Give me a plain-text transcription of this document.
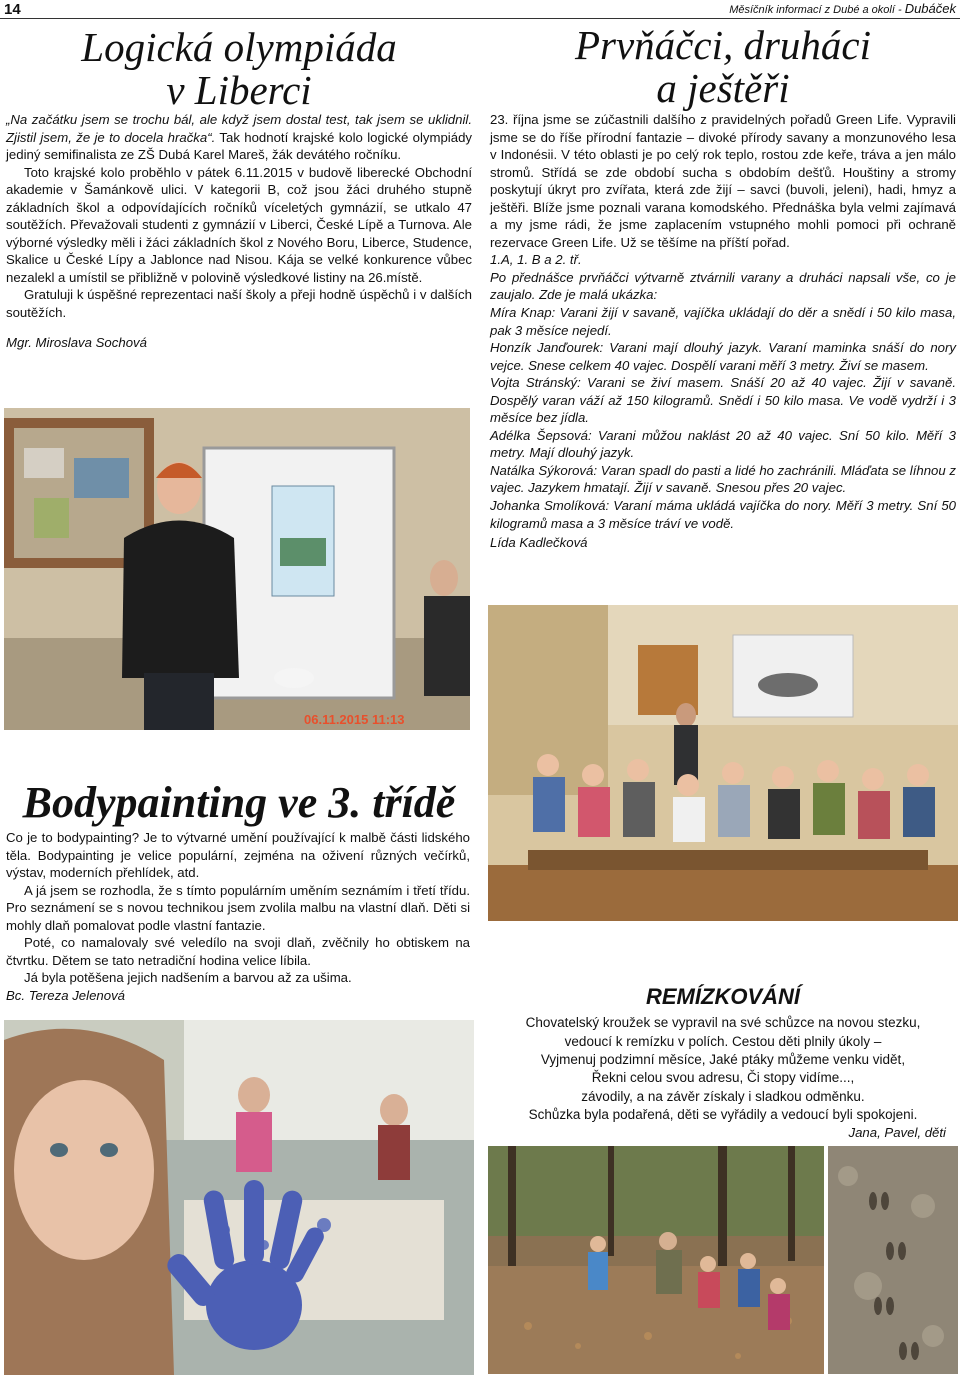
14	Měsíčník informací z Dubé a okolí - Dubáček
Logická olympiáda
v Liberci

„Na začátku jsem se trochu bál, ale když jsem dostal test, tak jsem se uklidnil. Zjistil jsem, že je to docela hračka“. Tak hodnotí krajské kolo logické olympiády jediný semifinalista ze ZŠ Dubá Karel Mareš, žák devátého ročníku.

Toto krajské kolo proběhlo v pátek 6.11.2015 v budově liberecké Obchodní akademie v Šamánkově ulici. V kategorii B, což jsou žáci druhého stupně základních škol a odpovídajících ročníků víceletých gymnázií, se utkalo 47 soutěžích. Převažovali studenti z gymnázií v Liberci, České Lípě a Turnova. Ale výborné výsledky měli i žáci základních škol z Nového Boru, Liberce, Studence, Skalice u České Lípy a Jablonce nad Nisou. Kája se velké konkurence vůbec nezalekl a umístil se přibližně v polovině výsledkové listiny na 26.místě.

Gratuluji k úspěšné reprezentaci naší školy a přeji hodně úspěchů i v dalších soutěžích.

Mgr. Miroslava Sochová

06.11.2015 11:13
Prvňáčci, druháci
a ještěři

23. října jsme se zúčastnili dalšího z pravidelných pořadů Green Life. Vypravili jsme se do říše přírodní fantazie – divoké přírody savany a monzunového lesa v Indonésii. V této oblasti je po celý rok teplo, rostou zde keře, tráva a jen málo stromů. Střídá se zde období sucha s obdobím dešťů. Houštiny a stromy poskytují úkryt pro zvířata, která zde žijí – savci (buvoli, jeleni), hadi, hmyz a ještěři. Blíže jsme poznali varana komodského. Přednáška byla velmi zajímavá a my jsme rádi, že jsme zaplacením vstupného mohli pomoci při ochraně rezervace Green Life. Už se těšíme na příští pořad.

1.A, 1. B a 2. tř.

Po přednášce prvňáčci výtvarně ztvárnili varany a druháci napsali vše, co je zaujalo. Zde je malá ukázka:

Míra Knap: Varani žijí v savaně, vajíčka ukládají do děr a snědí i 50 kilo masa, pak 3 měsíce nejedí.

Honzík Janďourek: Varani mají dlouhý jazyk. Varaní maminka snáší do nory vejce. Snese celkem 40 vajec. Dospělí varani měří 3 metry. Živí se masem.

Vojta Stránský: Varani se živí masem. Snáší 20 až 40 vajec. Žijí v savaně. Dospělý varan váží až 150 kilogramů. Snědí i 50 kilo masa. Ve vodě vydrží i 3 měsíce bez jídla.

Adélka Šepsová: Varani můžou naklást 20 až 40 vajec. Sní 50 kilo. Měří 3 metry. Mají dlouhý jazyk.

Natálka Sýkorová: Varan spadl do pasti a lidé ho zachránili. Mláďata se líhnou z vajec. Jazykem hmatají. Žijí v savaně. Snesou přes 20 vajec.

Johanka Smolíková: Varaní máma ukládá vajíčka do nory. Měří 3 metry. Sní 50 kilogramů masa a 3 měsíce tráví ve vodě.

Lída Kadlečková

Bodypainting ve 3. třídě

Co je to bodypainting? Je to výtvarné umění používající k malbě části lidského těla. Bodypainting je velice populární, zejména na oživení různých večírků, výstav, moderních přehlídek, atd.

A já jsem se rozhodla, že s tímto populárním uměním seznámím i třetí třídu. Pro seznámení se s novou technikou jsem zvolila malbu na vlastní dlaň. Děti si mohly dlaň pomalovat podle vlastní fantazie.

Poté, co namalovaly své veledílo na svoji dlaň, zvěčnily ho obtiskem na čtvrtku. Dětem se tato netradiční hodina velice líbila.

Já byla potěšena jejich nadšením a barvou až za ušima.

Bc. Tereza Jelenová	REMÍZKOVÁNÍ
Chovatelský kroužek se vypravil na své schůzce na novou stezku,
vedoucí k remízku v polích. Cestou děti plnily úkoly –
Vyjmenuj podzimní měsíce, Jaké ptáky můžeme venku vidět,
Řekni celou svou adresu, Či stopy vidíme...,
závodily, a na závěr získaly i sladkou odměnku.
Schůzka byla podařená, děti se vyřádily a vedoucí byli spokojeni.
Jana, Pavel, děti
